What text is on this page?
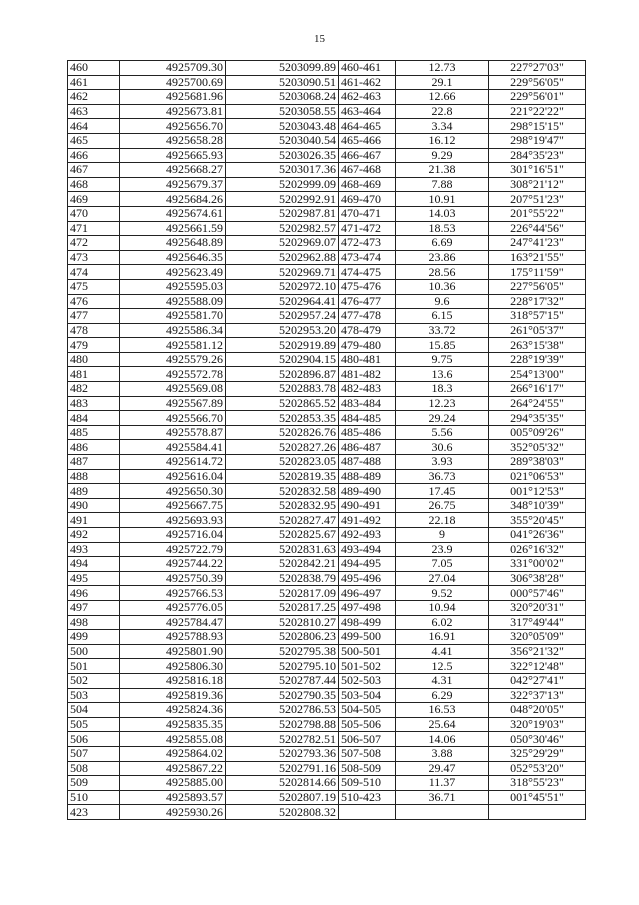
15
460	4925709.30	5203099.89	460-461	12.73	227°27'03"
461	4925700.69	5203090.51	461-462	29.1	229°56'05"
462	4925681.96	5203068.24	462-463	12.66	229°56'01"
463	4925673.81	5203058.55	463-464	22.8	221°22'22"
464	4925656.70	5203043.48	464-465	3.34	298°15'15"
465	4925658.28	5203040.54	465-466	16.12	298°19'47"
466	4925665.93	5203026.35	466-467	9.29	284°35'23"
467	4925668.27	5203017.36	467-468	21.38	301°16'51"
468	4925679.37	5202999.09	468-469	7.88	308°21'12"
469	4925684.26	5202992.91	469-470	10.91	207°51'23"
470	4925674.61	5202987.81	470-471	14.03	201°55'22"
471	4925661.59	5202982.57	471-472	18.53	226°44'56"
472	4925648.89	5202969.07	472-473	6.69	247°41'23"
473	4925646.35	5202962.88	473-474	23.86	163°21'55"
474	4925623.49	5202969.71	474-475	28.56	175°11'59"
475	4925595.03	5202972.10	475-476	10.36	227°56'05"
476	4925588.09	5202964.41	476-477	9.6	228°17'32"
477	4925581.70	5202957.24	477-478	6.15	318°57'15"
478	4925586.34	5202953.20	478-479	33.72	261°05'37"
479	4925581.12	5202919.89	479-480	15.85	263°15'38"
480	4925579.26	5202904.15	480-481	9.75	228°19'39"
481	4925572.78	5202896.87	481-482	13.6	254°13'00"
482	4925569.08	5202883.78	482-483	18.3	266°16'17"
483	4925567.89	5202865.52	483-484	12.23	264°24'55"
484	4925566.70	5202853.35	484-485	29.24	294°35'35"
485	4925578.87	5202826.76	485-486	5.56	005°09'26"
486	4925584.41	5202827.26	486-487	30.6	352°05'32"
487	4925614.72	5202823.05	487-488	3.93	289°38'03"
488	4925616.04	5202819.35	488-489	36.73	021°06'53"
489	4925650.30	5202832.58	489-490	17.45	001°12'53"
490	4925667.75	5202832.95	490-491	26.75	348°10'39"
491	4925693.93	5202827.47	491-492	22.18	355°20'45"
492	4925716.04	5202825.67	492-493	9	041°26'36"
493	4925722.79	5202831.63	493-494	23.9	026°16'32"
494	4925744.22	5202842.21	494-495	7.05	331°00'02"
495	4925750.39	5202838.79	495-496	27.04	306°38'28"
496	4925766.53	5202817.09	496-497	9.52	000°57'46"
497	4925776.05	5202817.25	497-498	10.94	320°20'31"
498	4925784.47	5202810.27	498-499	6.02	317°49'44"
499	4925788.93	5202806.23	499-500	16.91	320°05'09"
500	4925801.90	5202795.38	500-501	4.41	356°21'32"
501	4925806.30	5202795.10	501-502	12.5	322°12'48"
502	4925816.18	5202787.44	502-503	4.31	042°27'41"
503	4925819.36	5202790.35	503-504	6.29	322°37'13"
504	4925824.36	5202786.53	504-505	16.53	048°20'05"
505	4925835.35	5202798.88	505-506	25.64	320°19'03"
506	4925855.08	5202782.51	506-507	14.06	050°30'46"
507	4925864.02	5202793.36	507-508	3.88	325°29'29"
508	4925867.22	5202791.16	508-509	29.47	052°53'20"
509	4925885.00	5202814.66	509-510	11.37	318°55'23"
510	4925893.57	5202807.19	510-423	36.71	001°45'51"
423	4925930.26	5202808.32			
